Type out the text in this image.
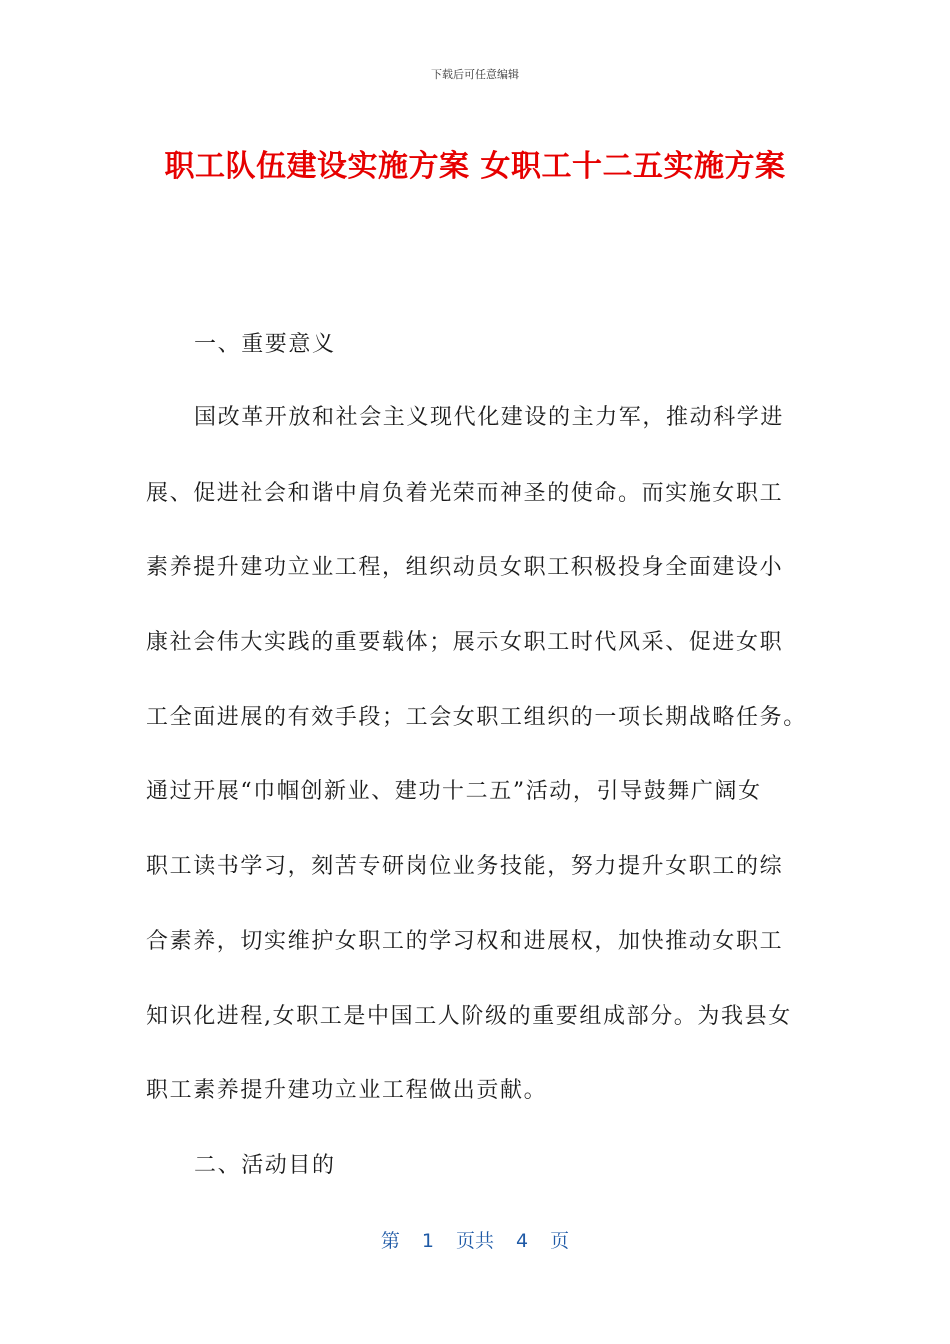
下载后可任意编辑
职工队伍建设实施方案 女职工十二五实施方案
一、重要意义
国改革开放和社会主义现代化建设的主力军，推动科学进
展、促进社会和谐中肩负着光荣而神圣的使命。而实施女职工
素养提升建功立业工程，组织动员女职工积极投身全面建设小
康社会伟大实践的重要载体；展示女职工时代风采、促进女职
工全面进展的有效手段；工会女职工组织的一项长期战略任务。
通过开展“巾帼创新业、建功十二五”活动，引导鼓舞广阔女
职工读书学习，刻苦专研岗位业务技能，努力提升女职工的综
合素养，切实维护女职工的学习权和进展权，加快推动女职工
知识化进程,女职工是中国工人阶级的重要组成部分。为我县女
职工素养提升建功立业工程做出贡献。
二、活动目的
第 1 页共 4 页
